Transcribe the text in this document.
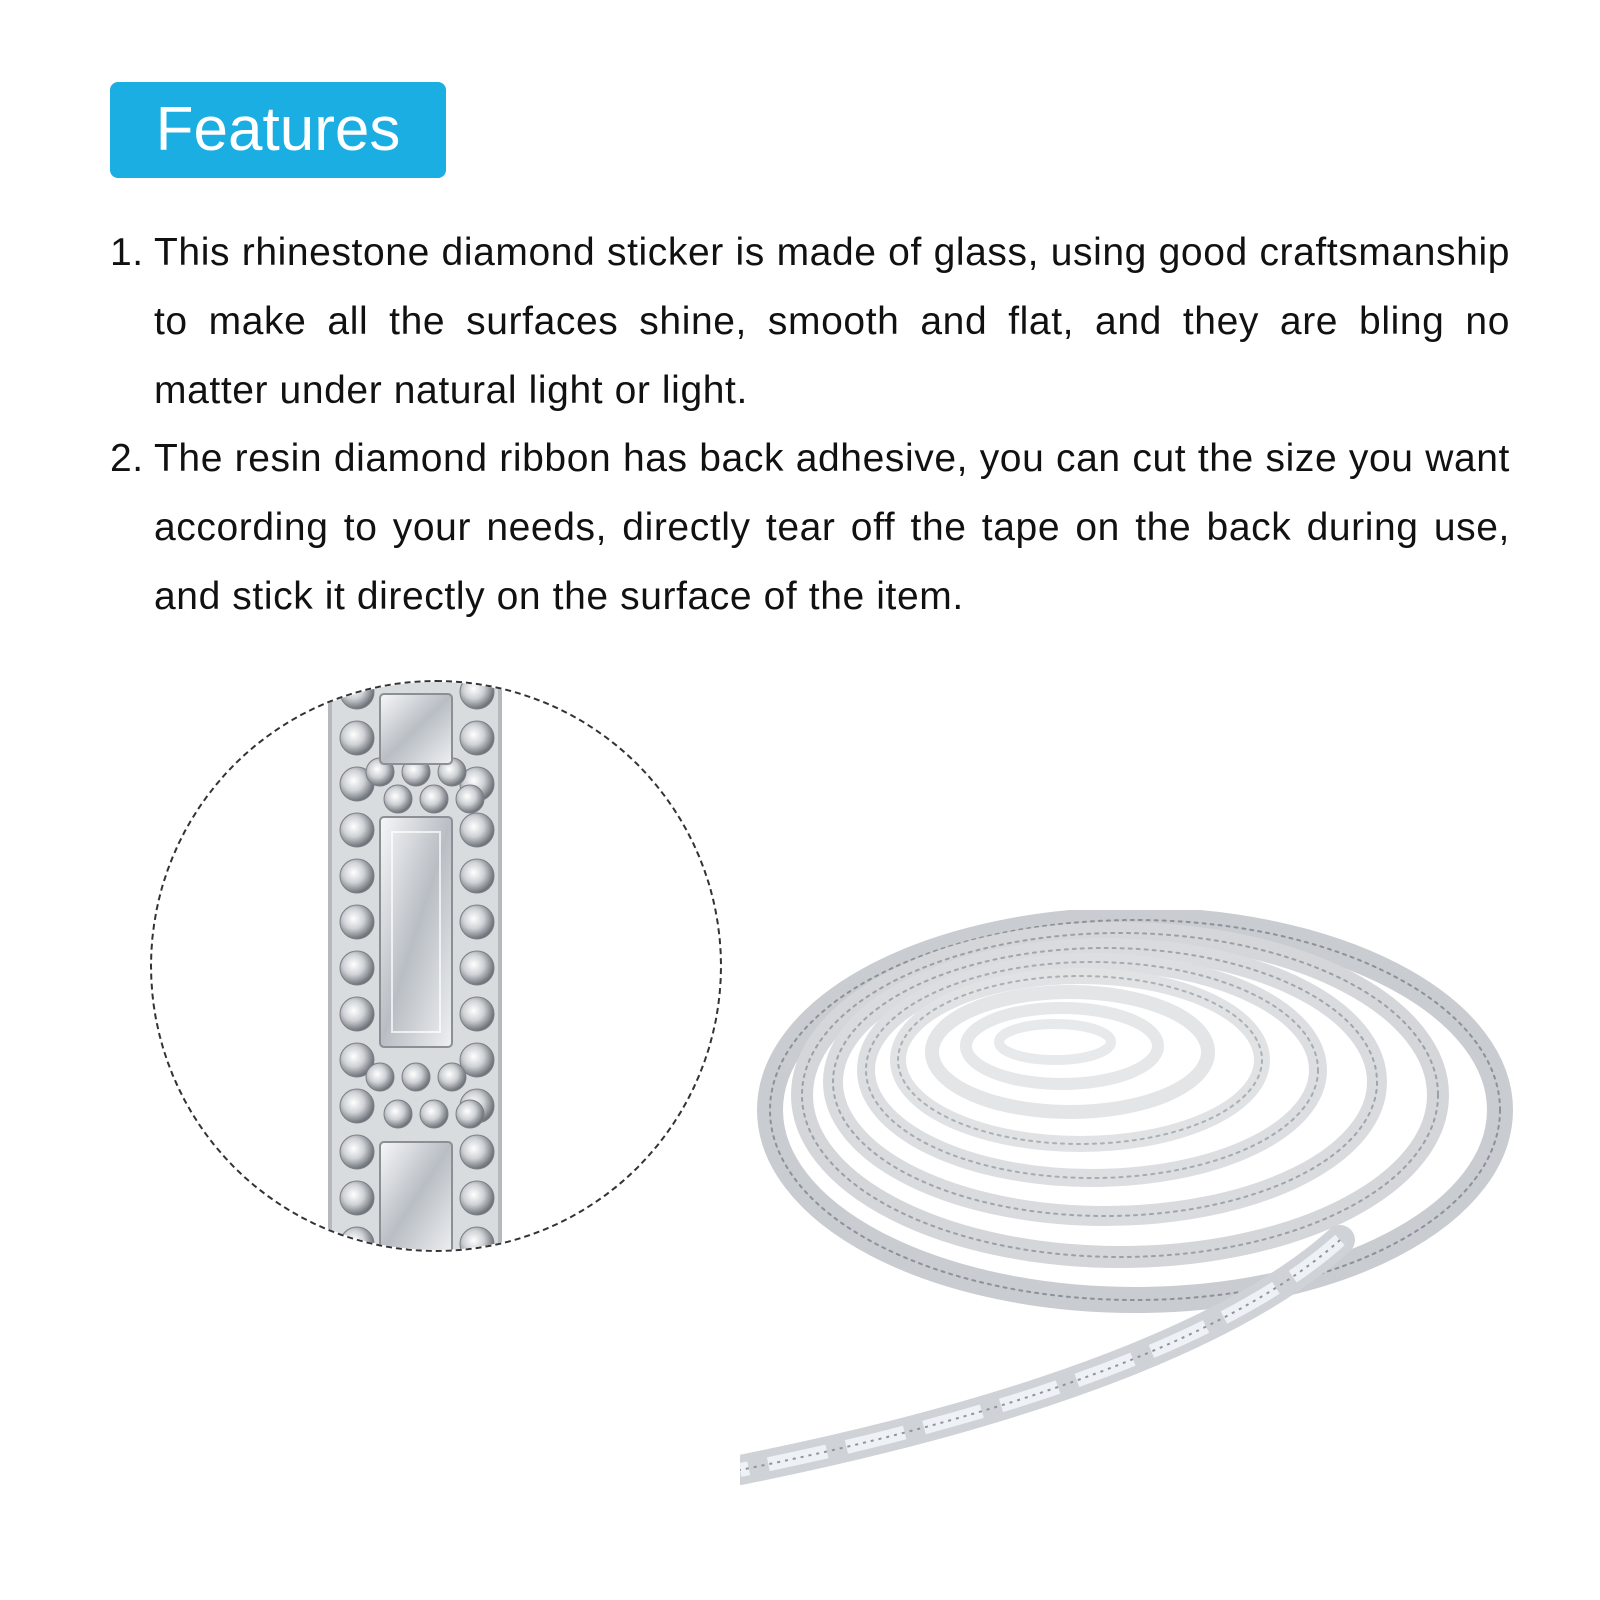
Features
1. This rhinestone diamond sticker is made of glass, using good craftsmanship to make all the surfaces shine, smooth and flat, and they are bling no matter under natural light or light.
2. The resin diamond ribbon has back adhesive, you can cut the size you want according to your needs, directly tear off the tape on the back during use, and stick it directly on the surface of the item.
